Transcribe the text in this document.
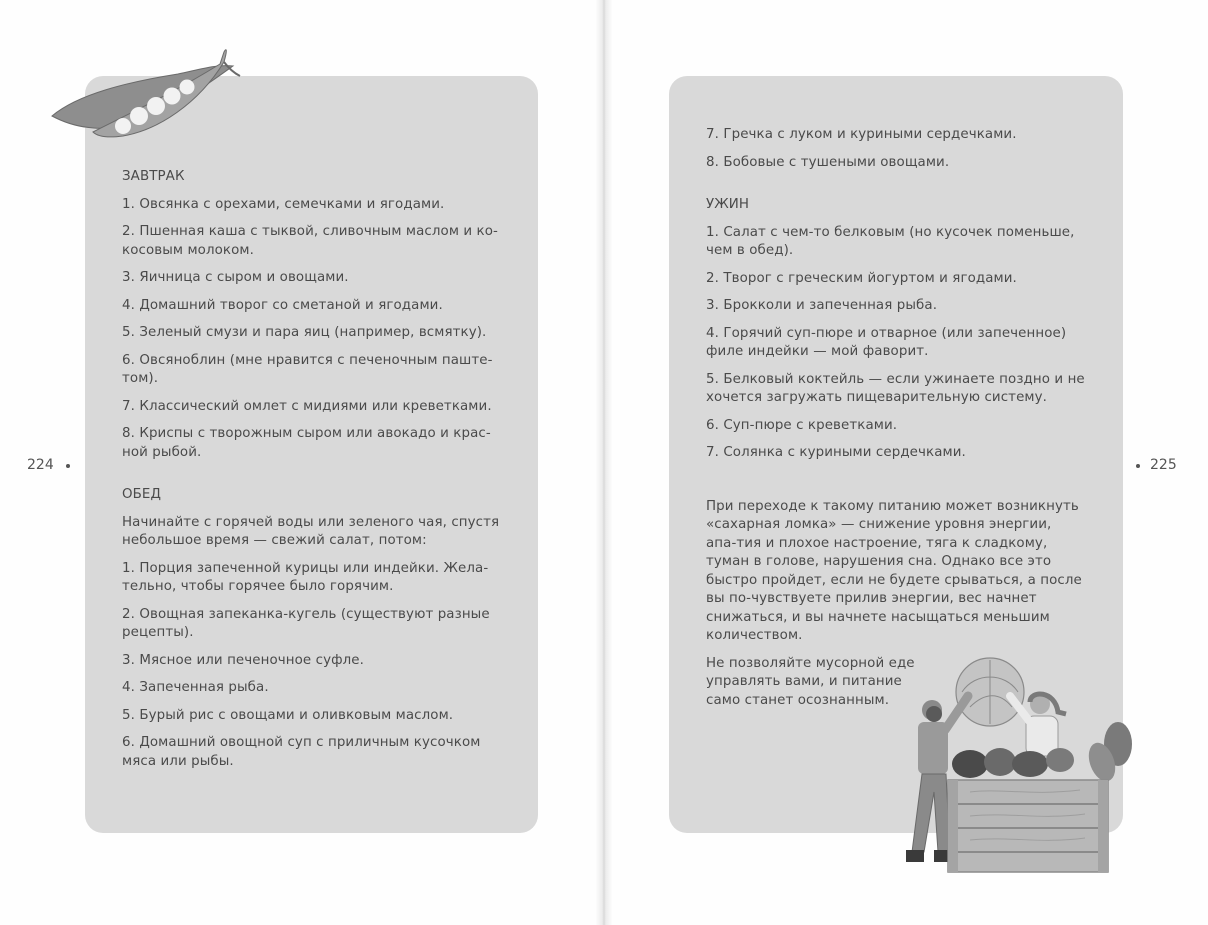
ЗАВТРАК
1. Овсянка с орехами, семечками и ягодами.
2. Пшенная каша с тыквой, сливочным маслом и ко-косовым молоком.
3. Яичница с сыром и овощами.
4. Домашний творог со сметаной и ягодами.
5. Зеленый смузи и пара яиц (например, всмятку).
6. Овсяноблин (мне нравится с печеночным паште-том).
7. Классический омлет с мидиями или креветками.
8. Криспы с творожным сыром или авокадо и крас-ной рыбой.
ОБЕД
Начинайте с горячей воды или зеленого чая, спустя небольшое время — свежий салат, потом:
1. Порция запеченной курицы или индейки. Жела-тельно, чтобы горячее было горячим.
2. Овощная запеканка-кугель (существуют разные рецепты).
3. Мясное или печеночное суфле.
4. Запеченная рыба.
5. Бурый рис с овощами и оливковым маслом.
6. Домашний овощной суп с приличным кусочком мяса или рыбы.
7. Гречка с луком и куриными сердечками.
8. Бобовые с тушеными овощами.
УЖИН
1. Салат с чем-то белковым (но кусочек поменьше, чем в обед).
2. Творог с греческим йогуртом и ягодами.
3. Брокколи и запеченная рыба.
4. Горячий суп-пюре и отварное (или запеченное) филе индейки — мой фаворит.
5. Белковый коктейль — если ужинаете поздно и не хочется загружать пищеварительную систему.
6. Суп-пюре с креветками.
7. Солянка с куриными сердечками.
При переходе к такому питанию может возникнуть «сахарная ломка» — снижение уровня энергии, апа-тия и плохое настроение, тяга к сладкому, туман в голове, нарушения сна. Однако все это быстро пройдет, если не будете срываться, а после вы по-чувствуете прилив энергии, вес начнет снижаться, и вы начнете насыщаться меньшим количеством.
Не позволяйте мусорной еде управлять вами, и питание само станет осознанным.
224	225
